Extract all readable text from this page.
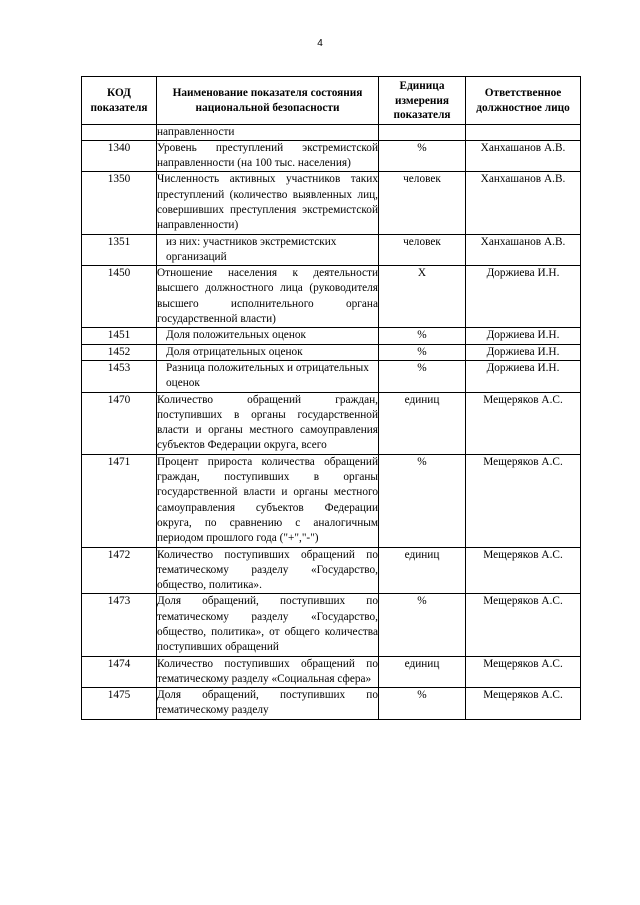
4
КОД показателя	Наименование показателя состояния национальной безопасности	Единица измерения показателя	Ответственное должностное лицо
	направленности		
1340	Уровень преступлений экстремистской направленности (на 100 тыс. населения)	%	Ханхашанов А.В.
1350	Численность активных участников таких преступлений (количество выявленных лиц, совершивших преступления экстремистской направленности)	человек	Ханхашанов А.В.
1351	из них: участников экстремистских организаций	человек	Ханхашанов А.В.
1450	Отношение населения к деятельности высшего должностного лица (руководителя высшего исполнительного органа государственной власти)	Х	Доржиева И.Н.
1451	Доля положительных оценок	%	Доржиева И.Н.
1452	Доля отрицательных оценок	%	Доржиева И.Н.
1453	Разница положительных и отрицательных оценок	%	Доржиева И.Н.
1470	Количество обращений граждан, поступивших в органы государственной власти и органы местного самоуправления субъектов Федерации округа, всего	единиц	Мещеряков А.С.
1471	Процент прироста количества обращений граждан, поступивших в органы государственной власти и органы местного самоуправления субъектов Федерации округа, по сравнению с аналогичным периодом прошлого года ("+","-")	%	Мещеряков А.С.
1472	Количество поступивших обращений по тематическому разделу «Государство, общество, политика».	единиц	Мещеряков А.С.
1473	Доля обращений, поступивших по тематическому разделу «Государство, общество, политика», от общего количества поступивших обращений	%	Мещеряков А.С.
1474	Количество поступивших обращений по тематическому разделу «Социальная сфера»	единиц	Мещеряков А.С.
1475	Доля обращений, поступивших по тематическому разделу	%	Мещеряков А.С.
